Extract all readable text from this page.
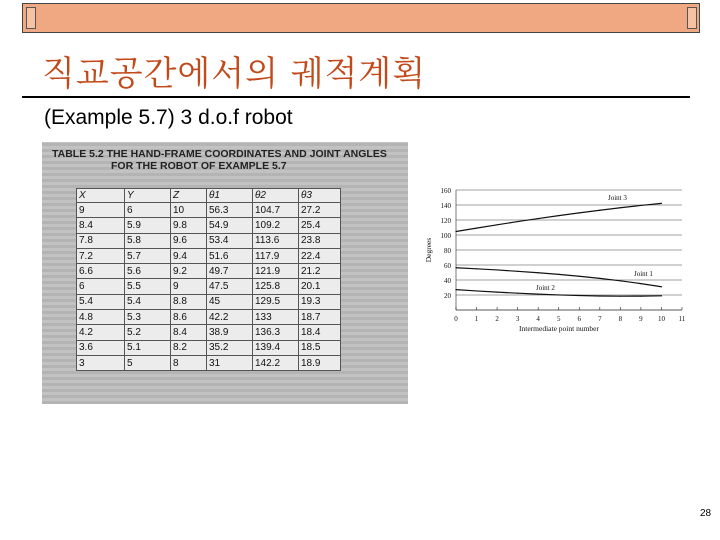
직교공간에서의 궤적계획
(Example 5.7) 3 d.o.f robot
TABLE 5.2 THE HAND-FRAME COORDINATES AND JOINT ANGLES
FOR THE ROBOT OF EXAMPLE 5.7
X	Y	Z	θ1	θ2	θ3
9	6	10	56.3	104.7	27.2
8.4	5.9	9.8	54.9	109.2	25.4
7.8	5.8	9.6	53.4	113.6	23.8
7.2	5.7	9.4	51.6	117.9	22.4
6.6	5.6	9.2	49.7	121.9	21.2
6	5.5	9	47.5	125.8	20.1
5.4	5.4	8.8	45	129.5	19.3
4.8	5.3	8.6	42.2	133	18.7
4.2	5.2	8.4	38.9	136.3	18.4
3.6	5.1	8.2	35.2	139.4	18.5
3	5	8	31	142.2	18.9
20
40
60
80
100
120
140
160
0 1 2 3 4 5 6 7 8 9 10 11
Intermediate point number
Degrees
Joint 1
Joint 2
Joint 3
28
